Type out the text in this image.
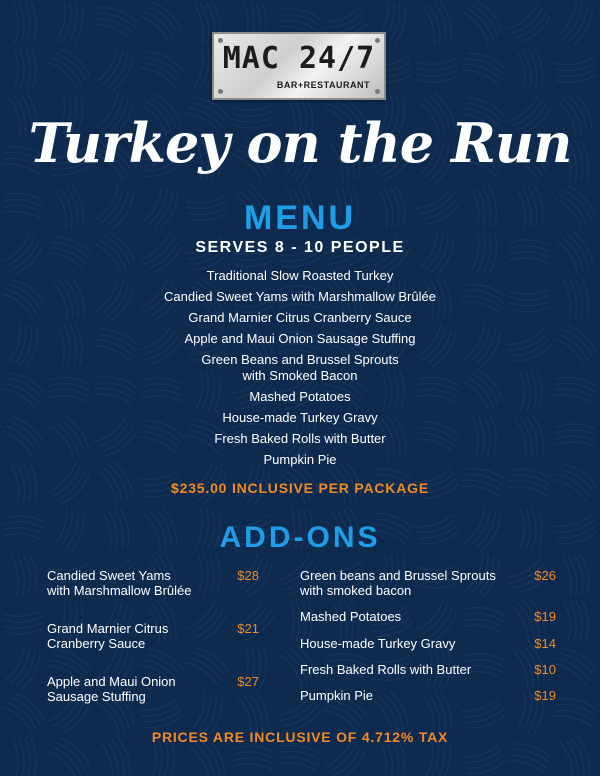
MAC 24/7
BAR+RESTAURANT
Turkey on the Run
MENU
SERVES 8 - 10 PEOPLE
Traditional Slow Roasted Turkey
Candied Sweet Yams with Marshmallow Brûlée
Grand Marnier Citrus Cranberry Sauce
Apple and Maui Onion Sausage Stuffing
Green Beans and Brussel Sprouts
with Smoked Bacon
Mashed Potatoes
House-made Turkey Gravy
Fresh Baked Rolls with Butter
Pumpkin Pie
$235.00 INCLUSIVE PER PACKAGE
ADD-ONS
Candied Sweet Yams
with Marshmallow Brûlée
$28
Grand Marnier Citrus
Cranberry Sauce
$21
Apple and Maui Onion
Sausage Stuffing
$27
Green beans and Brussel Sprouts
with smoked bacon
$26
Mashed Potatoes	$19
House-made Turkey Gravy	$14
Fresh Baked Rolls with Butter	$10
Pumpkin Pie	$19
PRICES ARE INCLUSIVE OF 4.712% TAX
